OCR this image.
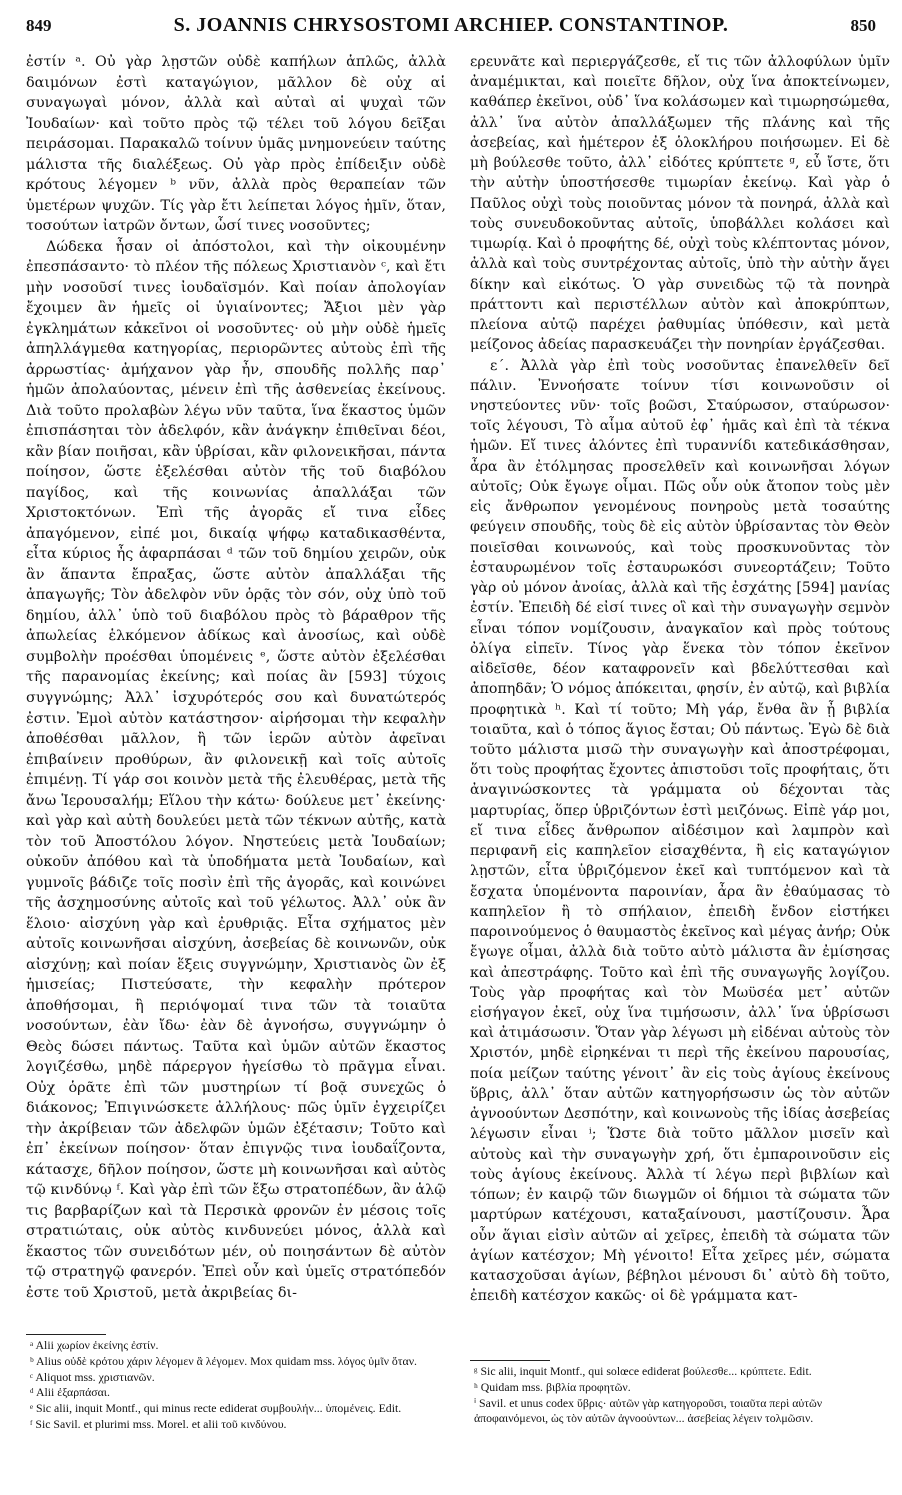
849	S. JOANNIS CHRYSOSTOMI ARCHIEP. CONSTANTINOP.	850

ἐστίν ᵃ. Οὐ γὰρ λῃστῶν οὐδὲ καπήλων ἁπλῶς, ἀλλὰ δαιμόνων ἐστὶ καταγώγιον, μᾶλλον δὲ οὐχ αἱ συναγωγαὶ μόνον, ἀλλὰ καὶ αὐταὶ αἱ ψυχαὶ τῶν Ἰουδαίων· καὶ τοῦτο πρὸς τῷ τέλει τοῦ λόγου δεῖξαι πειράσομαι. Παρακαλῶ τοίνυν ὑμᾶς μνημονεύειν ταύτης μάλιστα τῆς διαλέξεως. Οὐ γὰρ πρὸς ἐπίδειξιν οὐδὲ κρότους λέγομεν ᵇ νῦν, ἀλλὰ πρὸς θεραπείαν τῶν ὑμετέρων ψυχῶν. Τίς γὰρ ἔτι λείπεται λόγος ἡμῖν, ὅταν, τοσούτων ἰατρῶν ὄντων, ὦσί τινες νοσοῦντες;

Δώδεκα ἦσαν οἱ ἀπόστολοι, καὶ τὴν οἰκουμένην ἐπεσπάσαντο· τὸ πλέον τῆς πόλεως Χριστιανὸν ᶜ, καὶ ἔτι μὴν νοσοῦσί τινες ἰουδαϊσμόν. Καὶ ποίαν ἀπολογίαν ἔχοιμεν ἂν ἡμεῖς οἱ ὑγιαίνοντες; Ἄξιοι μὲν γὰρ ἐγκλημάτων κἀκεῖνοι οἱ νοσοῦντες· οὐ μὴν οὐδὲ ἡμεῖς ἀπηλλάγμεθα κατηγορίας, περιορῶντες αὐτοὺς ἐπὶ τῆς ἀρρωστίας· ἀμήχανον γὰρ ἦν, σπουδῆς πολλῆς παρ᾽ ἡμῶν ἀπολαύοντας, μένειν ἐπὶ τῆς ἀσθενείας ἐκείνους. Διὰ τοῦτο προλαβὼν λέγω νῦν ταῦτα, ἵνα ἕκαστος ὑμῶν ἐπισπάσηται τὸν ἀδελφόν, κἂν ἀνάγκην ἐπιθεῖναι δέοι, κἂν βίαν ποιῆσαι, κἂν ὑβρίσαι, κἂν φιλονεικῆσαι, πάντα ποίησον, ὥστε ἐξελέσθαι αὐτὸν τῆς τοῦ διαβόλου παγίδος, καὶ τῆς κοινωνίας ἀπαλλάξαι τῶν Χριστοκτόνων. Ἐπὶ τῆς ἀγορᾶς εἴ τινα εἶδες ἀπαγόμενον, εἰπέ μοι, δικαίᾳ ψήφῳ καταδικασθέντα, εἶτα κύριος ἦς ἁφαρπάσαι ᵈ τῶν τοῦ δημίου χειρῶν, οὐκ ἂν ἅπαντα ἔπραξας, ὥστε αὐτὸν ἀπαλλάξαι τῆς ἀπαγωγῆς; Τὸν ἀδελφὸν νῦν ὁρᾷς τὸν σόν, οὐχ ὑπὸ τοῦ δημίου, ἀλλ᾽ ὑπὸ τοῦ διαβόλου πρὸς τὸ βάραθρον τῆς ἀπωλείας ἑλκόμενον ἀδίκως καὶ ἀνοσίως, καὶ οὐδὲ συμβολὴν προέσθαι ὑπομένεις ᵉ, ὥστε αὐτὸν ἐξελέσθαι τῆς παρανομίας ἐκείνης; καὶ ποίας ἂν [593] τύχοις συγγνώμης; Ἀλλ᾽ ἰσχυρότερός σου καὶ δυνατώτερός ἐστιν. Ἐμοὶ αὐτὸν κατάστησον· αἱρήσομαι τὴν κεφαλὴν ἀποθέσθαι μᾶλλον, ἢ τῶν ἱερῶν αὐτὸν ἀφεῖναι ἐπιβαίνειν προθύρων, ἂν φιλονεικῇ καὶ τοῖς αὐτοῖς ἐπιμένῃ. Τί γάρ σοι κοινὸν μετὰ τῆς ἐλευθέρας, μετὰ τῆς ἄνω Ἱερουσαλήμ; Εἵλου τὴν κάτω· δούλευε μετ᾽ ἐκείνης· καὶ γὰρ καὶ αὐτὴ δουλεύει μετὰ τῶν τέκνων αὐτῆς, κατὰ τὸν τοῦ Ἀποστόλου λόγον. Νηστεύεις μετὰ Ἰουδαίων; οὐκοῦν ἀπόθου καὶ τὰ ὑποδήματα μετὰ Ἰουδαίων, καὶ γυμνοῖς βάδιζε τοῖς ποσὶν ἐπὶ τῆς ἀγορᾶς, καὶ κοινώνει τῆς ἀσχημοσύνης αὐτοῖς καὶ τοῦ γέλωτος. Ἀλλ᾽ οὐκ ἂν ἕλοιο· αἰσχύνη γὰρ καὶ ἐρυθριᾷς. Εἶτα σχήματος μὲν αὐτοῖς κοινωνῆσαι αἰσχύνη, ἀσεβείας δὲ κοινωνῶν, οὐκ αἰσχύνῃ; καὶ ποίαν ἕξεις συγγνώμην, Χριστιανὸς ὢν ἐξ ἡμισείας; Πιστεύσατε, τὴν κεφαλὴν πρότερον ἀποθήσομαι, ἢ περιόψομαί τινα τῶν τὰ τοιαῦτα νοσούντων, ἐὰν ἴδω· ἐὰν δὲ ἀγνοήσω, συγγνώμην ὁ Θεὸς δώσει πάντως. Ταῦτα καὶ ὑμῶν αὐτῶν ἕκαστος λογιζέσθω, μηδὲ πάρεργον ἡγείσθω τὸ πρᾶγμα εἶναι. Οὐχ ὁρᾶτε ἐπὶ τῶν μυστηρίων τί βοᾷ συνεχῶς ὁ διάκονος; Ἐπιγινώσκετε ἀλλήλους· πῶς ὑμῖν ἐγχειρίζει τὴν ἀκρίβειαν τῶν ἀδελφῶν ὑμῶν ἐξέτασιν; Τοῦτο καὶ ἐπ᾽ ἐκείνων ποίησον· ὅταν ἐπιγνῷς τινα ἰουδαΐζοντα, κάτασχε, δῆλον ποίησον, ὥστε μὴ κοινωνῆσαι καὶ αὐτὸς τῷ κινδύνῳ ᶠ. Καὶ γὰρ ἐπὶ τῶν ἔξω στρατοπέδων, ἂν ἁλῷ τις βαρβαρίζων καὶ τὰ Περσικὰ φρονῶν ἐν μέσοις τοῖς στρατιώταις, οὐκ αὐτὸς κινδυνεύει μόνος, ἀλλὰ καὶ ἕκαστος τῶν συνειδότων μέν, οὐ ποιησάντων δὲ αὐτὸν τῷ στρατηγῷ φανερόν. Ἐπεὶ οὖν καὶ ὑμεῖς στρατόπεδόν ἐστε τοῦ Χριστοῦ, μετὰ ἀκριβείας δι-

ερευνᾶτε καὶ περιεργάζεσθε, εἴ τις τῶν ἀλλοφύλων ὑμῖν ἀναμέμικται, καὶ ποιεῖτε δῆλον, οὐχ ἵνα ἀποκτείνωμεν, καθάπερ ἐκεῖνοι, οὐδ᾽ ἵνα κολάσωμεν καὶ τιμωρησώμεθα, ἀλλ᾽ ἵνα αὐτὸν ἀπαλλάξωμεν τῆς πλάνης καὶ τῆς ἀσεβείας, καὶ ἡμέτερον ἐξ ὁλοκλήρου ποιήσωμεν. Εἰ δὲ μὴ βούλεσθε τοῦτο, ἀλλ᾽ εἰδότες κρύπτετε ᵍ, εὖ ἴστε, ὅτι τὴν αὐτὴν ὑποστήσεσθε τιμωρίαν ἐκείνῳ. Καὶ γὰρ ὁ Παῦλος οὐχὶ τοὺς ποιοῦντας μόνον τὰ πονηρά, ἀλλὰ καὶ τοὺς συνευδοκοῦντας αὐτοῖς, ὑποβάλλει κολάσει καὶ τιμωρίᾳ. Καὶ ὁ προφήτης δέ, οὐχὶ τοὺς κλέπτοντας μόνον, ἀλλὰ καὶ τοὺς συντρέχοντας αὐτοῖς, ὑπὸ τὴν αὐτὴν ἄγει δίκην καὶ εἰκότως. Ὁ γὰρ συνειδὼς τῷ τὰ πονηρὰ πράττοντι καὶ περιστέλλων αὐτὸν καὶ ἀποκρύπτων, πλείονα αὐτῷ παρέχει ῥαθυμίας ὑπόθεσιν, καὶ μετὰ μείζονος ἀδείας παρασκευάζει τὴν πονηρίαν ἐργάζεσθαι.

ε´. Ἀλλὰ γὰρ ἐπὶ τοὺς νοσοῦντας ἐπανελθεῖν δεῖ πάλιν. Ἐννοήσατε τοίνυν τίσι κοινωνοῦσιν οἱ νηστεύοντες νῦν· τοῖς βοῶσι, Σταύρωσον, σταύρωσον· τοῖς λέγουσι, Τὸ αἷμα αὐτοῦ ἐφ᾽ ἡμᾶς καὶ ἐπὶ τὰ τέκνα ἡμῶν. Εἴ τινες ἁλόντες ἐπὶ τυραννίδι κατεδικάσθησαν, ἆρα ἂν ἐτόλμησας προσελθεῖν καὶ κοινωνῆσαι λόγων αὐτοῖς; Οὐκ ἔγωγε οἶμαι. Πῶς οὖν οὐκ ἄτοπον τοὺς μὲν εἰς ἄνθρωπον γενομένους πονηροὺς μετὰ τοσαύτης φεύγειν σπουδῆς, τοὺς δὲ εἰς αὐτὸν ὑβρίσαντας τὸν Θεὸν ποιεῖσθαι κοινωνούς, καὶ τοὺς προσκυνοῦντας τὸν ἐσταυρωμένον τοῖς ἐσταυρωκόσι συνεορτάζειν; Τοῦτο γὰρ οὐ μόνον ἀνοίας, ἀλλὰ καὶ τῆς ἐσχάτης [594] μανίας ἐστίν. Ἐπειδὴ δέ εἰσί τινες οἳ καὶ τὴν συναγωγὴν σεμνὸν εἶναι τόπον νομίζουσιν, ἀναγκαῖον καὶ πρὸς τούτους ὀλίγα εἰπεῖν. Τίνος γὰρ ἕνεκα τὸν τόπον ἐκεῖνον αἰδεῖσθε, δέον καταφρονεῖν καὶ βδελύττεσθαι καὶ ἀποπηδᾶν; Ὁ νόμος ἀπόκειται, φησίν, ἐν αὐτῷ, καὶ βιβλία προφητικὰ ʰ. Καὶ τί τοῦτο; Μὴ γάρ, ἔνθα ἂν ᾖ βιβλία τοιαῦτα, καὶ ὁ τόπος ἅγιος ἔσται; Οὐ πάντως. Ἐγὼ δὲ διὰ τοῦτο μάλιστα μισῶ τὴν συναγωγὴν καὶ ἀποστρέφομαι, ὅτι τοὺς προφήτας ἔχοντες ἀπιστοῦσι τοῖς προφήταις, ὅτι ἀναγινώσκοντες τὰ γράμματα οὐ δέχονται τὰς μαρτυρίας, ὅπερ ὑβριζόντων ἐστὶ μειζόνως. Εἰπὲ γάρ μοι, εἴ τινα εἶδες ἄνθρωπον αἰδέσιμον καὶ λαμπρὸν καὶ περιφανῆ εἰς καπηλεῖον εἰσαχθέντα, ἢ εἰς καταγώγιον λῃστῶν, εἶτα ὑβριζόμενον ἐκεῖ καὶ τυπτόμενον καὶ τὰ ἔσχατα ὑπομένοντα παροινίαν, ἆρα ἂν ἐθαύμασας τὸ καπηλεῖον ἢ τὸ σπήλαιον, ἐπειδὴ ἔνδον εἰστήκει παροινούμενος ὁ θαυμαστὸς ἐκεῖνος καὶ μέγας ἀνήρ; Οὐκ ἔγωγε οἶμαι, ἀλλὰ διὰ τοῦτο αὐτὸ μάλιστα ἂν ἐμίσησας καὶ ἀπεστράφης. Τοῦτο καὶ ἐπὶ τῆς συναγωγῆς λογίζου. Τοὺς γὰρ προφήτας καὶ τὸν Μωϋσέα μετ᾽ αὐτῶν εἰσήγαγον ἐκεῖ, οὐχ ἵνα τιμήσωσιν, ἀλλ᾽ ἵνα ὑβρίσωσι καὶ ἀτιμάσωσιν. Ὅταν γὰρ λέγωσι μὴ εἰδέναι αὐτοὺς τὸν Χριστόν, μηδὲ εἰρηκέναι τι περὶ τῆς ἐκείνου παρουσίας, ποία μείζων ταύτης γένοιτ᾽ ἂν εἰς τοὺς ἁγίους ἐκείνους ὕβρις, ἀλλ᾽ ὅταν αὐτῶν κατηγορήσωσιν ὡς τὸν αὐτῶν ἀγνοούντων Δεσπότην, καὶ κοινωνοὺς τῆς ἰδίας ἀσεβείας λέγωσιν εἶναι ⁱ; Ὥστε διὰ τοῦτο μᾶλλον μισεῖν καὶ αὐτοὺς καὶ τὴν συναγωγὴν χρή, ὅτι ἐμπαροινοῦσιν εἰς τοὺς ἁγίους ἐκείνους. Ἀλλὰ τί λέγω περὶ βιβλίων καὶ τόπων; ἐν καιρῷ τῶν διωγμῶν οἱ δήμιοι τὰ σώματα τῶν μαρτύρων κατέχουσι, καταξαίνουσι, μαστίζουσιν. Ἆρα οὖν ἅγιαι εἰσὶν αὐτῶν αἱ χεῖρες, ἐπειδὴ τὰ σώματα τῶν ἁγίων κατέσχον; Μὴ γένοιτο! Εἶτα χεῖρες μέν, σώματα κατασχοῦσαι ἁγίων, βέβηλοι μένουσι δι᾽ αὐτὸ δὴ τοῦτο, ἐπειδὴ κατέσχον κακῶς· οἱ δὲ γράμματα κατ-

ᵃ Alii χωρίον ἐκείνης ἐστίν.
ᵇ Alius οὐδὲ κρότου χάριν λέγομεν ἃ λέγομεν. Mox quidam mss. λόγος ὑμῖν ὅταν.
ᶜ Aliquot mss. χριστιανῶν.
ᵈ Alii ἐξαρπάσαι.
ᵉ Sic alii, inquit Montf., qui minus recte ediderat συμβουλήν... ὑπομένεις. Edit.
ᶠ Sic Savil. et plurimi mss. Morel. et alii τοῦ κινδύνου.
ᵍ Sic alii, inquit Montf., qui solœce ediderat βούλεσθε... κρύπτετε. Edit.
ʰ Quidam mss. βιβλία προφητῶν.
ⁱ Savil. et unus codex ὕβρις· αὐτῶν γὰρ κατηγοροῦσι, τοιαῦτα περὶ αὐτῶν ἀποφαινόμενοι, ὡς τὸν αὐτῶν ἀγνοούντων... ἀσεβείας λέγειν τολμῶσιν.
